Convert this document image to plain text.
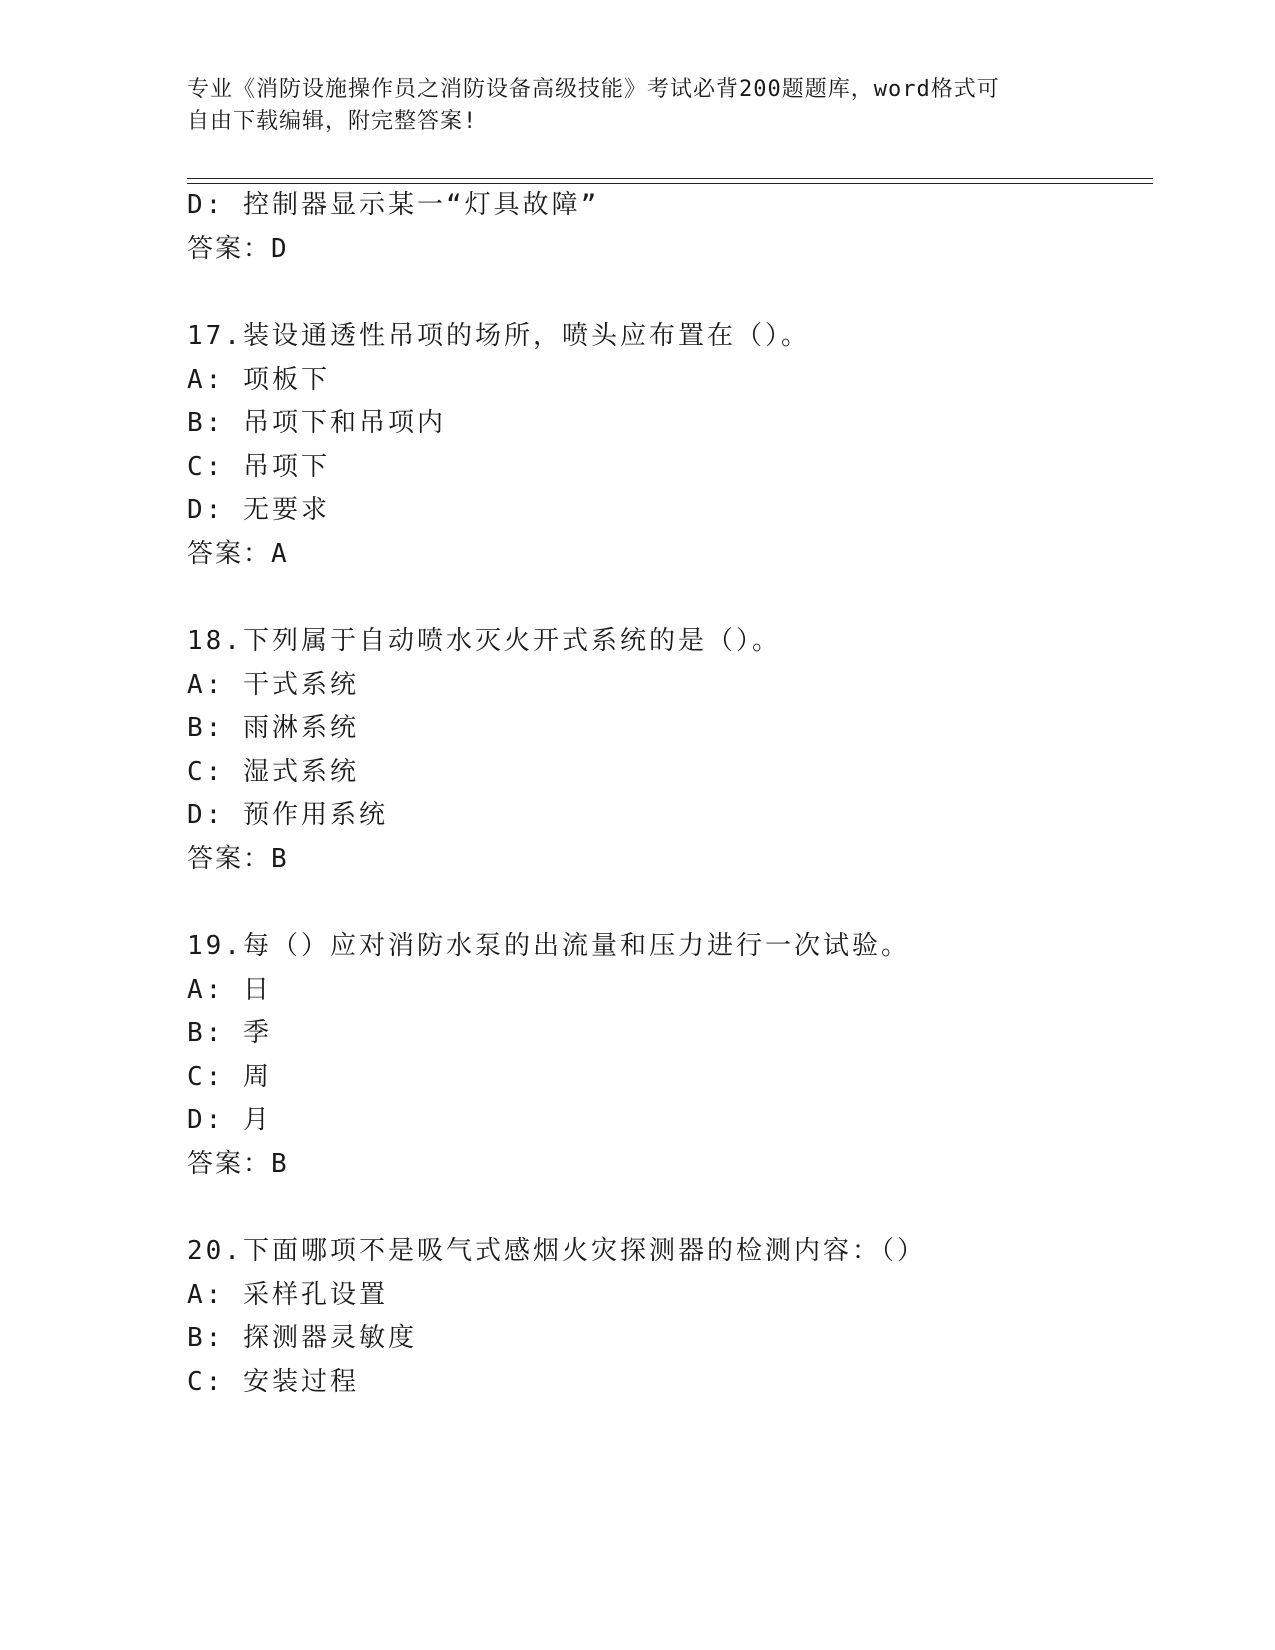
专业《消防设施操作员之消防设备高级技能》考试必背200题题库，word格式可
自由下载编辑，附完整答案!
D: 控制器显示某一“灯具故障”
答案：D
17.装设通透性吊项的场所，喷头应布置在（）。
A: 项板下
B: 吊项下和吊项内
C: 吊项下
D: 无要求
答案：A
18.下列属于自动喷水灭火开式系统的是（）。
A: 干式系统
B: 雨淋系统
C: 湿式系统
D: 预作用系统
答案：B
19.每（）应对消防水泵的出流量和压力进行一次试验。
A: 日
B: 季
C: 周
D: 月
答案：B
20.下面哪项不是吸气式感烟火灾探测器的检测内容：（）
A: 采样孔设置
B: 探测器灵敏度
C: 安装过程
